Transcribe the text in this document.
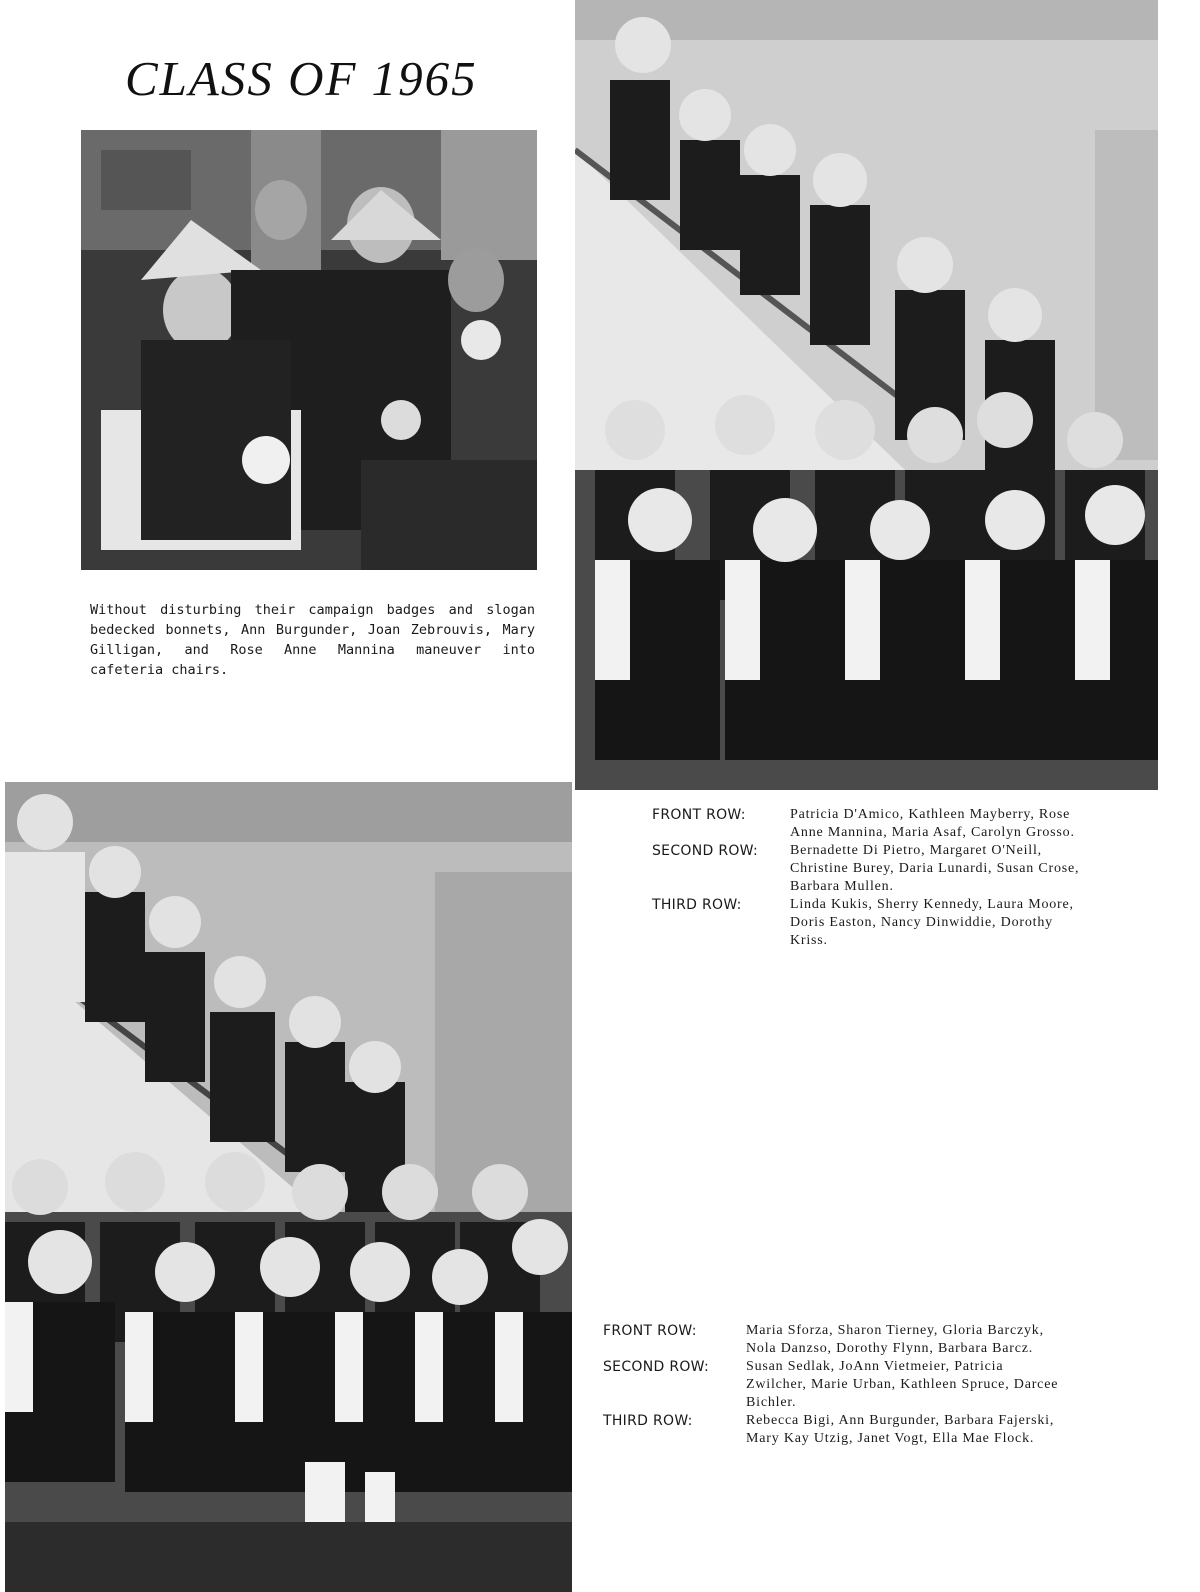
CLASS OF 1965
Without disturbing their campaign badges and slogan bedecked bonnets, Ann Burgunder, Joan Zebrouvis, Mary Gilligan, and Rose Anne Mannina maneuver into cafeteria chairs.
FRONT ROW:	Patricia D'Amico, Kathleen Mayberry, Rose Anne Mannina, Maria Asaf, Carolyn Grosso.
SECOND ROW:	Bernadette Di Pietro, Margaret O'Neill, Christine Burey, Daria Lunardi, Susan Crose, Barbara Mullen.
THIRD ROW:	Linda Kukis, Sherry Kennedy, Laura Moore, Doris Easton, Nancy Dinwiddie, Dorothy Kriss.
FRONT ROW:	Maria Sforza, Sharon Tierney, Gloria Barczyk, Nola Danzso, Dorothy Flynn, Barbara Barcz.
SECOND ROW:	Susan Sedlak, JoAnn Vietmeier, Patricia Zwilcher, Marie Urban, Kathleen Spruce, Darcee Bichler.
THIRD ROW:	Rebecca Bigi, Ann Burgunder, Barbara Fajerski, Mary Kay Utzig, Janet Vogt, Ella Mae Flock.
